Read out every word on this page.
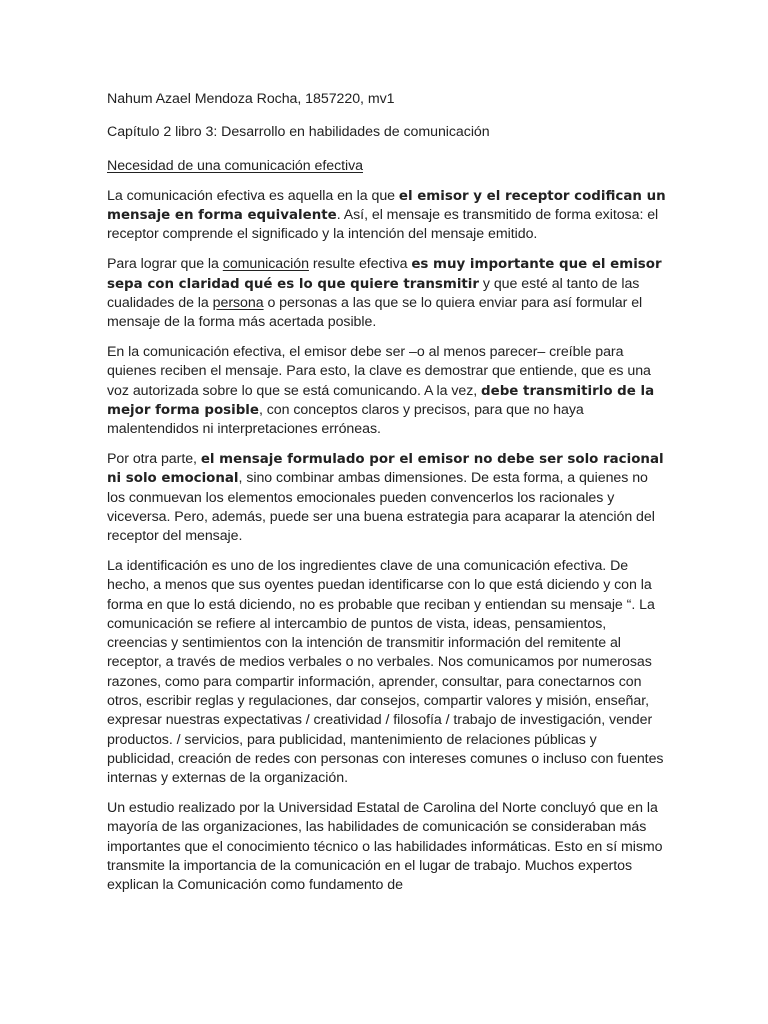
Nahum Azael Mendoza Rocha, 1857220, mv1
Capítulo 2 libro 3: Desarrollo en habilidades de comunicación
Necesidad de una comunicación efectiva

La comunicación efectiva es aquella en la que el emisor y el receptor codifican un mensaje en forma equivalente. Así, el mensaje es transmitido de forma exitosa: el receptor comprende el significado y la intención del mensaje emitido.

Para lograr que la comunicación resulte efectiva es muy importante que el emisor sepa con claridad qué es lo que quiere transmitir y que esté al tanto de las cualidades de la persona o personas a las que se lo quiera enviar para así formular el mensaje de la forma más acertada posible.

En la comunicación efectiva, el emisor debe ser –o al menos parecer– creíble para quienes reciben el mensaje. Para esto, la clave es demostrar que entiende, que es una voz autorizada sobre lo que se está comunicando. A la vez, debe transmitirlo de la mejor forma posible, con conceptos claros y precisos, para que no haya malentendidos ni interpretaciones erróneas.

Por otra parte, el mensaje formulado por el emisor no debe ser solo racional ni solo emocional, sino combinar ambas dimensiones. De esta forma, a quienes no los conmuevan los elementos emocionales pueden convencerlos los racionales y viceversa. Pero, además, puede ser una buena estrategia para acaparar la atención del receptor del mensaje.

La identificación es uno de los ingredientes clave de una comunicación efectiva. De hecho, a menos que sus oyentes puedan identificarse con lo que está diciendo y con la forma en que lo está diciendo, no es probable que reciban y entiendan su mensaje “. La comunicación se refiere al intercambio de puntos de vista, ideas, pensamientos, creencias y sentimientos con la intención de transmitir información del remitente al receptor, a través de medios verbales o no verbales. Nos comunicamos por numerosas razones, como para compartir información, aprender, consultar, para conectarnos con otros, escribir reglas y regulaciones, dar consejos, compartir valores y misión, enseñar, expresar nuestras expectativas / creatividad / filosofía / trabajo de investigación, vender productos. / servicios, para publicidad, mantenimiento de relaciones públicas y publicidad, creación de redes con personas con intereses comunes o incluso con fuentes internas y externas de la organización.

Un estudio realizado por la Universidad Estatal de Carolina del Norte concluyó que en la mayoría de las organizaciones, las habilidades de comunicación se consideraban más importantes que el conocimiento técnico o las habilidades informáticas. Esto en sí mismo transmite la importancia de la comunicación en el lugar de trabajo. Muchos expertos explican la Comunicación como fundamento de
